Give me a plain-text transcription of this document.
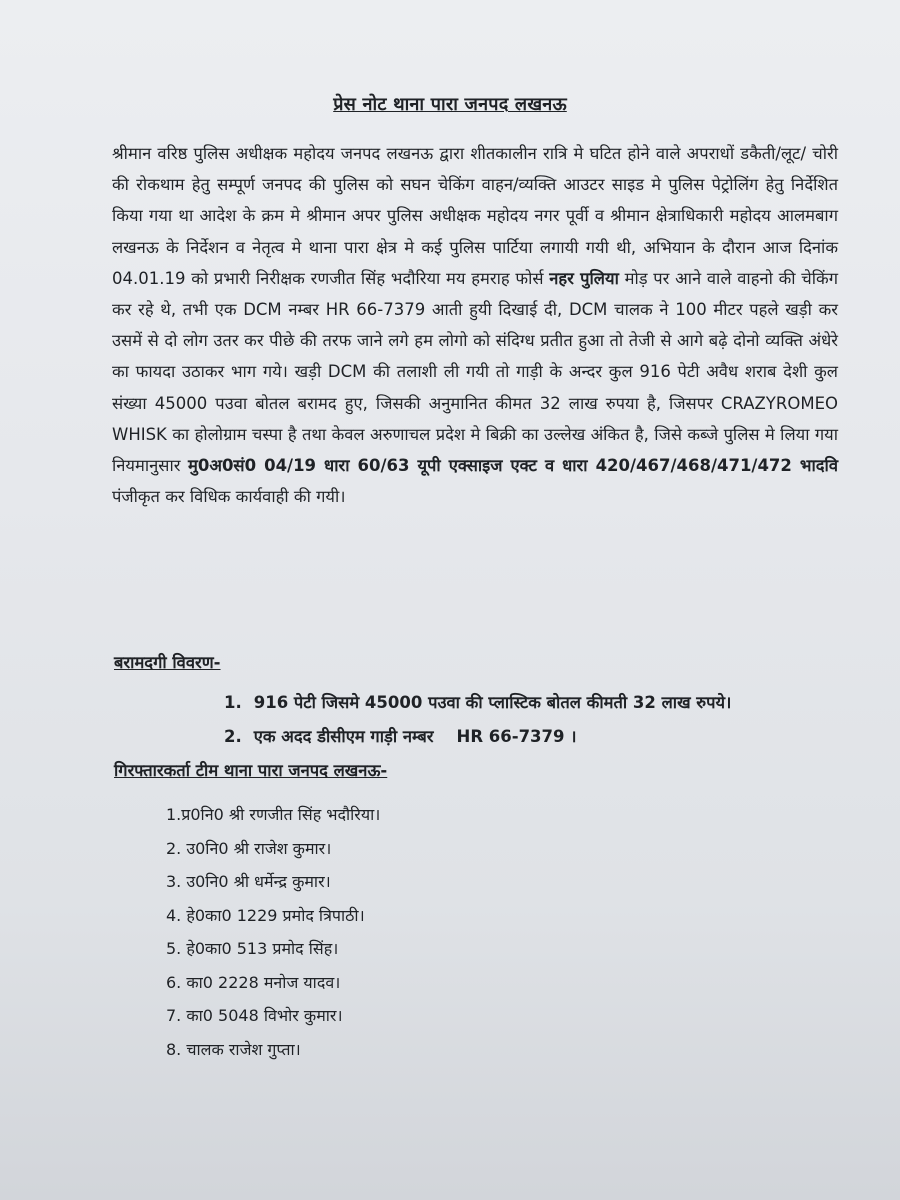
प्रेस नोट थाना पारा जनपद लखनऊ
श्रीमान वरिष्ठ पुलिस अधीक्षक महोदय जनपद लखनऊ द्वारा शीतकालीन रात्रि मे घटित होने वाले अपराधों डकैती/लूट/ चोरी की रोकथाम हेतु सम्पूर्ण जनपद की पुलिस को सघन चेकिंग वाहन/व्यक्ति आउटर साइड मे पुलिस पेट्रोलिंग हेतु निर्देशित किया गया था आदेश के क्रम मे श्रीमान अपर पुलिस अधीक्षक महोदय नगर पूर्वी व श्रीमान क्षेत्राधिकारी महोदय आलमबाग लखनऊ के निर्देशन व नेतृत्व मे थाना पारा क्षेत्र मे कई पुलिस पार्टिया लगायी गयी थी, अभियान के दौरान आज दिनांक 04.01.19 को प्रभारी निरीक्षक रणजीत सिंह भदौरिया मय हमराह फोर्स नहर पुलिया मोड़ पर आने वाले वाहनो की चेकिंग कर रहे थे, तभी एक DCM नम्बर HR 66-7379 आती हुयी दिखाई दी, DCM चालक ने 100 मीटर पहले खड़ी कर उसमें से दो लोग उतर कर पीछे की तरफ जाने लगे हम लोगो को संदिग्ध प्रतीत हुआ तो तेजी से आगे बढ़े दोनो व्यक्ति अंधेरे का फायदा उठाकर भाग गये। खड़ी DCM की तलाशी ली गयी तो गाड़ी के अन्दर कुल 916 पेटी अवैध शराब देशी कुल संख्या 45000 पउवा बोतल बरामद हुए, जिसकी अनुमानित कीमत 32 लाख रुपया है, जिसपर CRAZYROMEO WHISK का होलोग्राम चस्पा है तथा केवल अरुणाचल प्रदेश मे बिक्री का उल्लेख अंकित है, जिसे कब्जे पुलिस मे लिया गया नियमानुसार मु0अ0सं0 04/19 धारा 60/63 यूपी एक्साइज एक्ट व धारा 420/467/468/471/472 भादवि पंजीकृत कर विधिक कार्यवाही की गयी।
बरामदगी विवरण-
1. 916 पेटी जिसमे 45000 पउवा की प्लास्टिक बोतल कीमती 32 लाख रुपये।
2. एक अदद डीसीएम गाड़ी नम्बर    HR 66-7379 ।
गिरफ्तारकर्ता टीम थाना पारा जनपद लखनऊ-
1.प्र0नि0 श्री रणजीत सिंह भदौरिया।
2. उ0नि0 श्री राजेश कुमार।
3. उ0नि0 श्री धर्मेन्द्र कुमार।
4. हे0का0 1229 प्रमोद त्रिपाठी।
5. हे0का0 513 प्रमोद सिंह।
6. का0 2228 मनोज यादव।
7. का0 5048 विभोर कुमार।
8. चालक राजेश गुप्ता।
